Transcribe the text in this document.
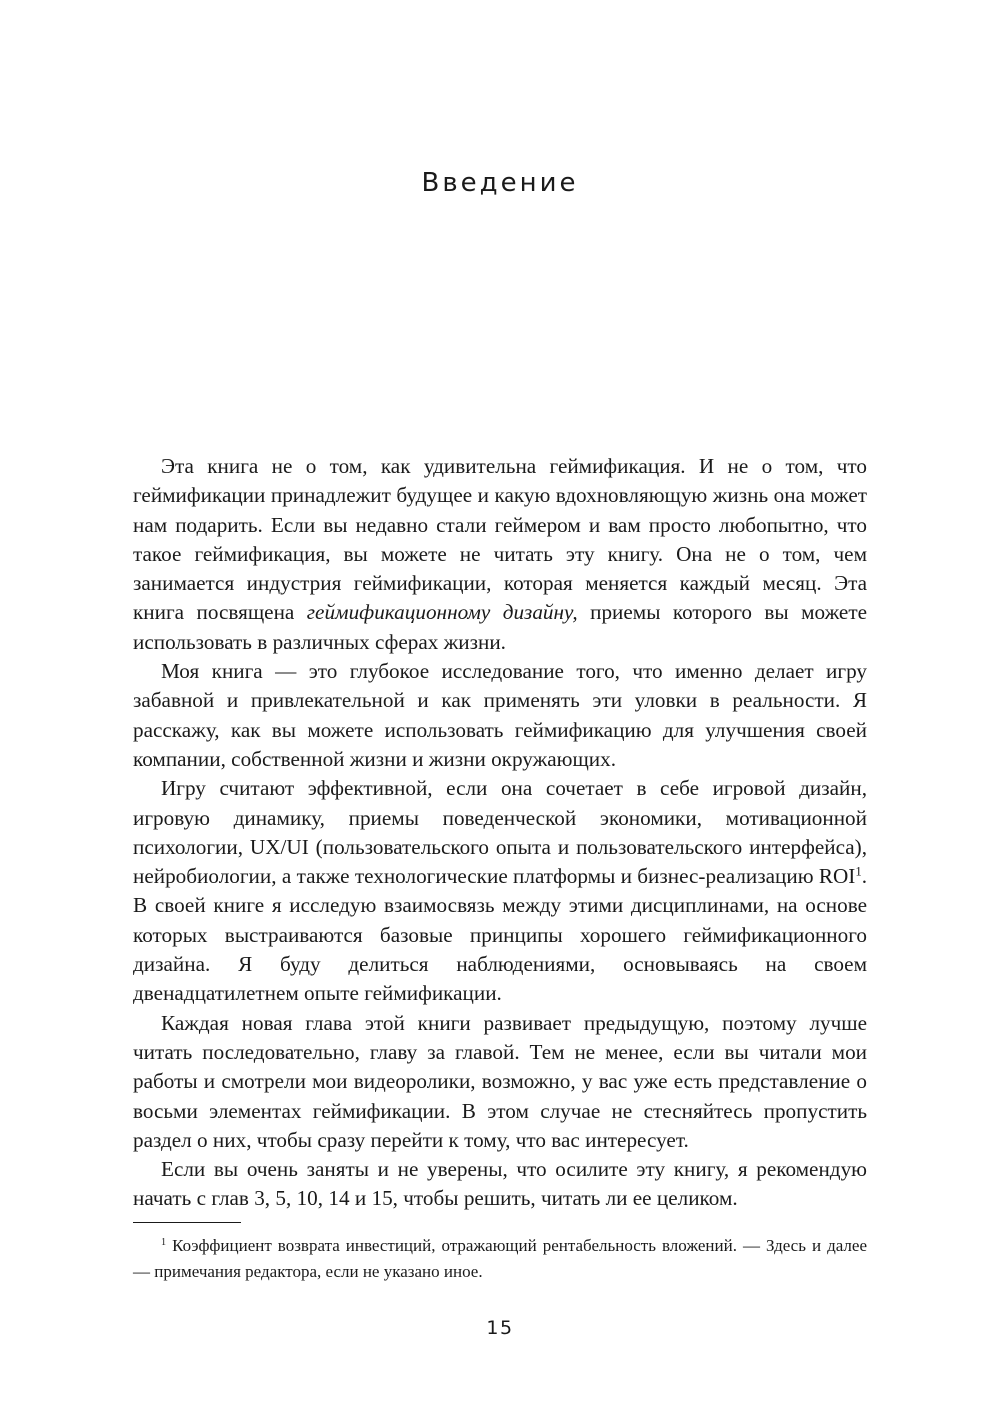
Введение

Эта книга не о том, как удивительна геймификация. И не о том, что геймификации принадлежит будущее и какую вдохновляющую жизнь она может нам подарить. Если вы недавно стали геймером и вам просто любопытно, что такое геймификация, вы можете не читать эту книгу. Она не о том, чем занимается индустрия геймификации, которая меняется каждый месяц. Эта книга посвящена геймификационному дизайну, приемы которого вы можете использовать в различных сферах жизни.

Моя книга — это глубокое исследование того, что именно делает игру забавной и привлекательной и как применять эти уловки в реальности. Я расскажу, как вы можете использовать геймификацию для улучшения своей компании, собственной жизни и жизни окружающих.

Игру считают эффективной, если она сочетает в себе игровой дизайн, игровую динамику, приемы поведенческой экономики, мотивационной психологии, UX/UI (пользовательского опыта и пользовательского интерфейса), нейробиологии, а также технологические платформы и бизнес-реализацию ROI$^1$. В своей книге я исследую взаимосвязь между этими дисциплинами, на основе которых выстраиваются базовые принципы хорошего геймификационного дизайна. Я буду делиться наблюдениями, основываясь на своем двенадцатилетнем опыте геймификации.

Каждая новая глава этой книги развивает предыдущую, поэтому лучше читать последовательно, главу за главой. Тем не менее, если вы читали мои работы и смотрели мои видеоролики, возможно, у вас уже есть представление о восьми элементах геймификации. В этом случае не стесняйтесь пропустить раздел о них, чтобы сразу перейти к тому, что вас интересует.

Если вы очень заняты и не уверены, что осилите эту книгу, я рекомендую начать с глав 3, 5, 10, 14 и 15, чтобы решить, читать ли ее целиком.

$^1$ Коэффициент возврата инвестиций, отражающий рентабельность вложений. — Здесь и далее — примечания редактора, если не указано иное.

15
